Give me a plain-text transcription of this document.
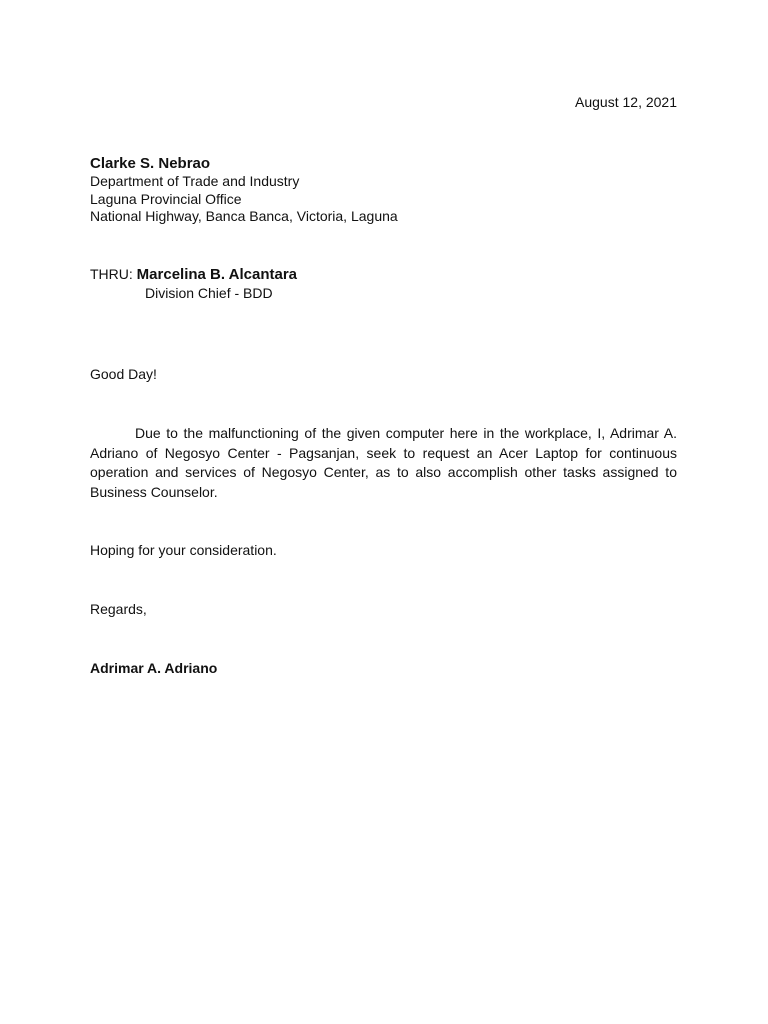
August 12, 2021
Clarke S. Nebrao
Department of Trade and Industry
Laguna Provincial Office
National Highway, Banca Banca, Victoria, Laguna
THRU: Marcelina B. Alcantara
Division Chief - BDD
Good Day!

Due to the malfunctioning of the given computer here in the workplace, I, Adrimar A. Adriano of Negosyo Center - Pagsanjan, seek to request an Acer Laptop for continuous operation and services of Negosyo Center, as to also accomplish other tasks assigned to Business Counselor.

Hoping for your consideration.
Regards,
Adrimar A. Adriano
